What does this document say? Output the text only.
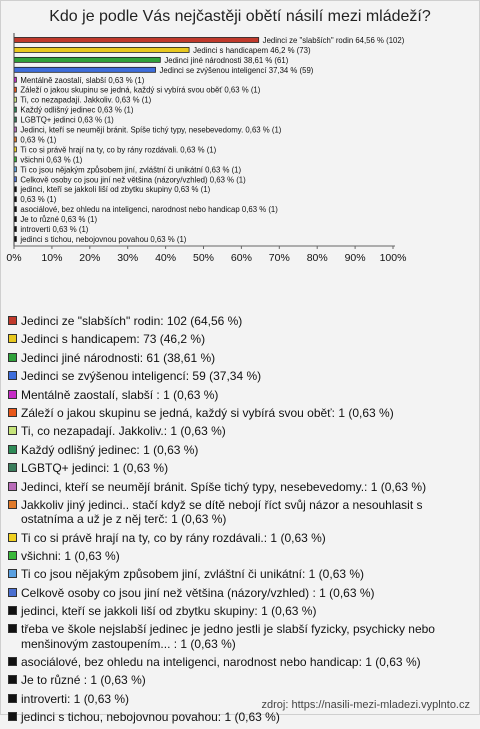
Kdo je podle Vás nejčastěji obětí násilí mezi mládeží?
Jedinci ze "slabších" rodin 64,56 % (102)
Jedinci s handicapem 46,2 % (73)
Jedinci jiné národnosti 38,61 % (61)
Jedinci se zvýšenou inteligencí 37,34 % (59)
Mentálně zaostalí, slabší 0,63 % (1)
Záleží o jakou skupinu se jedná, každý si vybírá svou oběť 0,63 % (1)
Ti, co nezapadají. Jakkoliv. 0,63 % (1)
Každý odlišný jedinec 0,63 % (1)
LGBTQ+ jedinci 0,63 % (1)
Jedinci, kteří se neumějí bránit. Spíše tichý typy, nesebevedomy. 0,63 % (1)
0,63 % (1)
Ti co si právě hrají na ty, co by rány rozdávali. 0,63 % (1)
všichni 0,63 % (1)
Ti co jsou nějakým způsobem jiní, zvláštní či unikátní 0,63 % (1)
Celkově osoby co jsou jiní než většina (názory/vzhled) 0,63 % (1)
jedinci, kteří se jakkoli liší od zbytku skupiny 0,63 % (1)
0,63 % (1)
asociálové, bez ohledu na inteligenci, narodnost nebo handicap 0,63 % (1)
Je to různé 0,63 % (1)
introverti 0,63 % (1)
jedinci s tichou, nebojovnou povahou 0,63 % (1)
0% 10% 20% 30% 40% 50% 60% 70% 80% 90% 100%
Jedinci ze "slabších" rodin: 102 (64,56 %)
Jedinci s handicapem: 73 (46,2 %)
Jedinci jiné národnosti: 61 (38,61 %)
Jedinci se zvýšenou inteligencí: 59 (37,34 %)
Mentálně zaostalí, slabší : 1 (0,63 %)
Záleží o jakou skupinu se jedná, každý si vybírá svou oběť: 1 (0,63 %)
Ti, co nezapadají. Jakkoliv.: 1 (0,63 %)
Každý odlišný jedinec: 1 (0,63 %)
LGBTQ+ jedinci: 1 (0,63 %)
Jedinci, kteří se neumějí bránit. Spíše tichý typy, nesebevedomy.: 1 (0,63 %)
Jakkoliv jiný jedinci.. stačí když se dítě nebojí říct svůj názor a nesouhlasit s ostatníma a už je z něj terč: 1 (0,63 %)
Ti co si právě hrají na ty, co by rány rozdávali.: 1 (0,63 %)
všichni: 1 (0,63 %)
Ti co jsou nějakým způsobem jiní, zvláštní či unikátní: 1 (0,63 %)
Celkově osoby co jsou jiní než většina (názory/vzhled) : 1 (0,63 %)
jedinci, kteří se jakkoli liší od zbytku skupiny: 1 (0,63 %)
třeba ve škole nejslabší jedinec je jedno jestli je slabší fyzicky, psychicky nebo menšinovým zastoupením... : 1 (0,63 %)
asociálové, bez ohledu na inteligenci, narodnost nebo handicap: 1 (0,63 %)
Je to různé : 1 (0,63 %)
introverti: 1 (0,63 %)
jedinci s tichou, nebojovnou povahou: 1 (0,63 %)
zdroj: https://nasili-mezi-mladezi.vyplnto.cz
